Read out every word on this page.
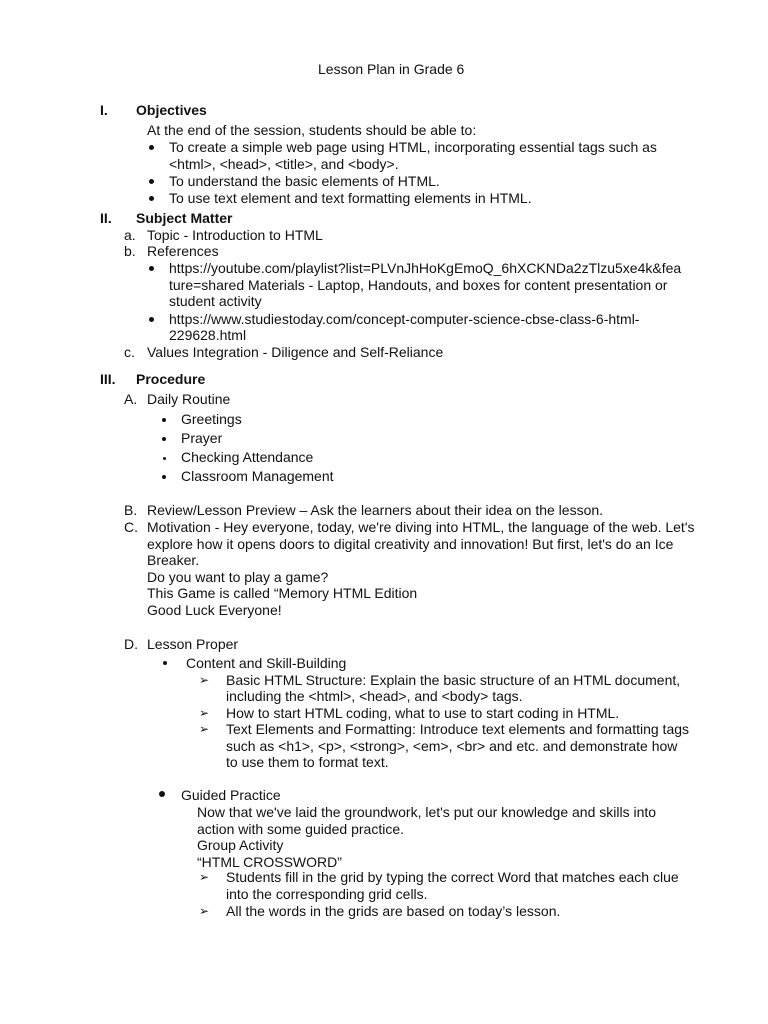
Lesson Plan in Grade 6
I. Objectives
At the end of the session, students should be able to:
To create a simple web page using HTML, incorporating essential tags such as
<html>, <head>, <title>, and <body>.
To understand the basic elements of HTML.
To use text element and text formatting elements in HTML.
II. Subject Matter
a. Topic - Introduction to HTML
b. References
https://youtube.com/playlist?list=PLVnJhHoKgEmoQ_6hXCKNDa2zTlzu5xe4k&fea
ture=shared Materials - Laptop, Handouts, and boxes for content presentation or
student activity
https://www.studiestoday.com/concept-computer-science-cbse-class-6-html-
229628.html
c. Values Integration - Diligence and Self-Reliance
III. Procedure
A. Daily Routine
Greetings
Prayer
Checking Attendance
Classroom Management
B. Review/Lesson Preview – Ask the learners about their idea on the lesson.
C. Motivation - Hey everyone, today, we're diving into HTML, the language of the web. Let's
explore how it opens doors to digital creativity and innovation! But first, let's do an Ice
Breaker.
Do you want to play a game?
This Game is called “Memory HTML Edition
Good Luck Everyone!
D. Lesson Proper
Content and Skill-Building
➢ Basic HTML Structure: Explain the basic structure of an HTML document,
including the <html>, <head>, and <body> tags.
➢ How to start HTML coding, what to use to start coding in HTML.
➢ Text Elements and Formatting: Introduce text elements and formatting tags
such as <h1>, <p>, <strong>, <em>, <br> and etc. and demonstrate how
to use them to format text.
Guided Practice
Now that we've laid the groundwork, let's put our knowledge and skills into
action with some guided practice.
Group Activity
“HTML CROSSWORD”
➢ Students fill in the grid by typing the correct Word that matches each clue
into the corresponding grid cells.
➢ All the words in the grids are based on today’s lesson.
